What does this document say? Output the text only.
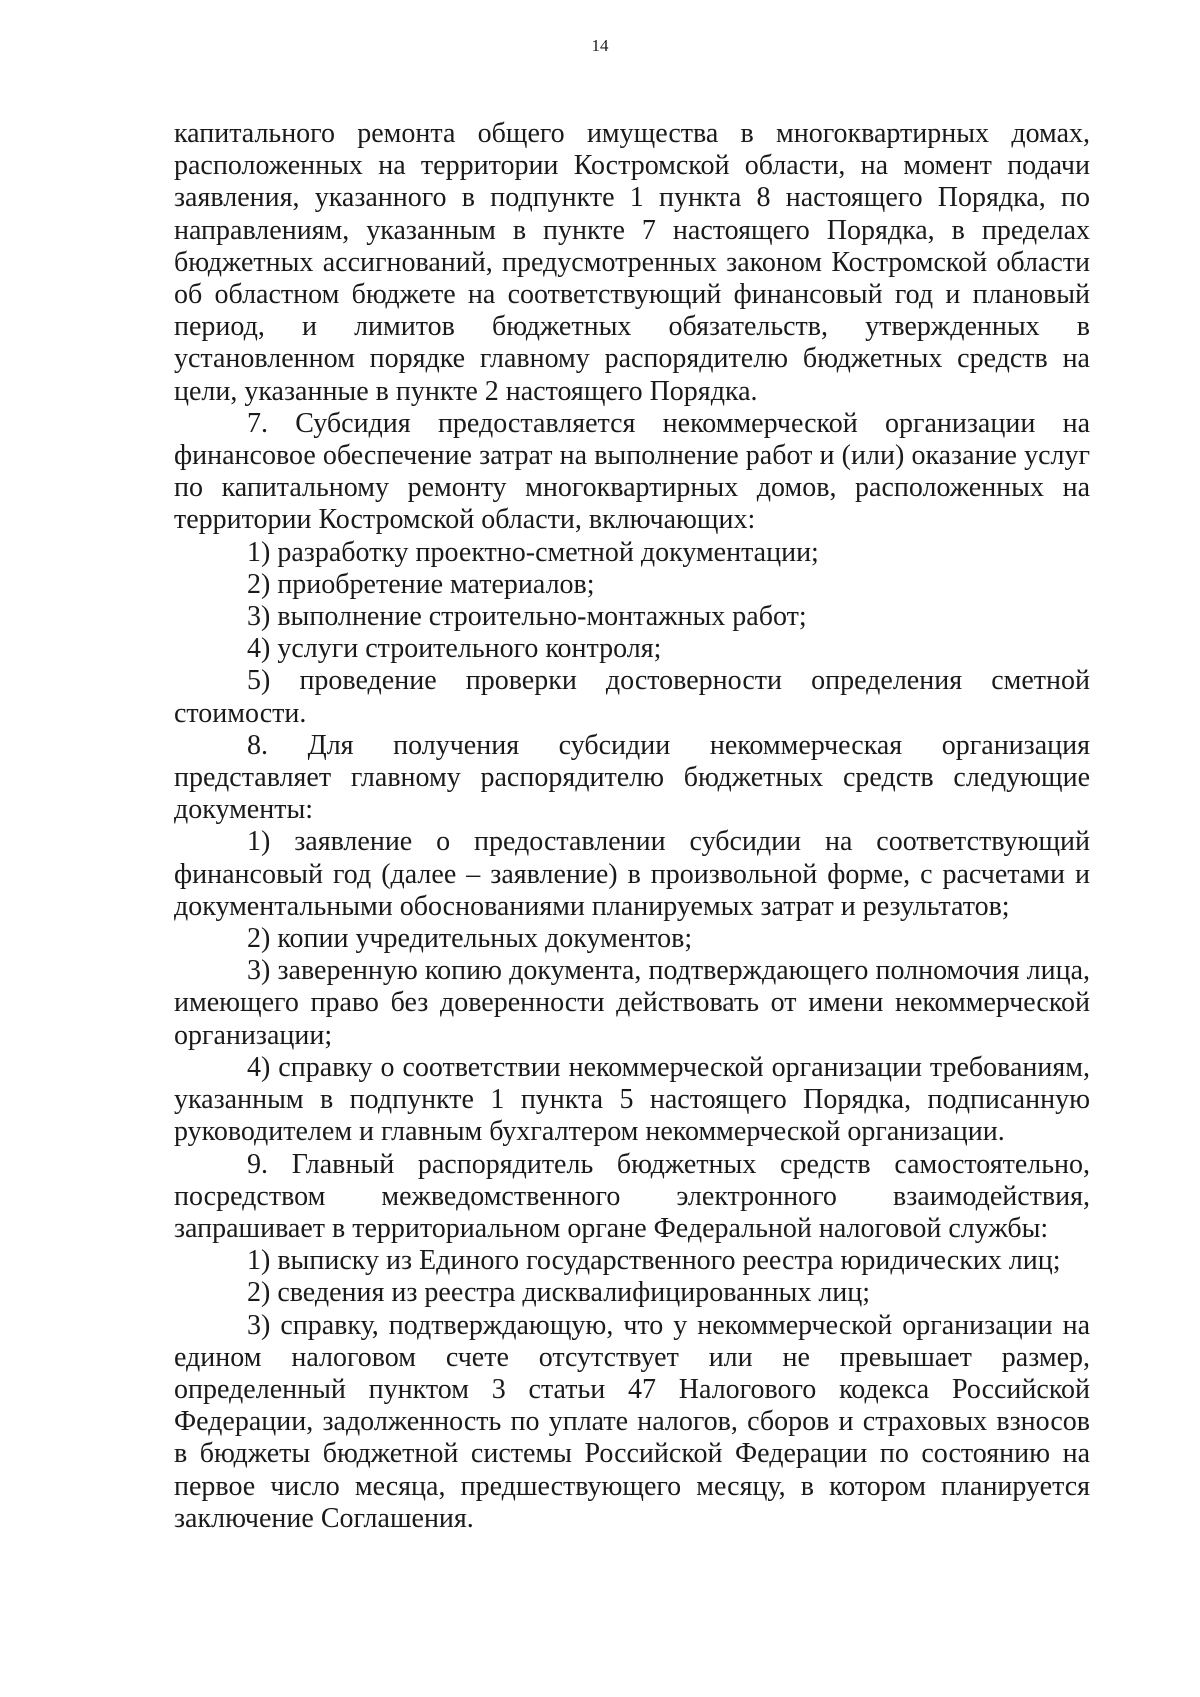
14

капитального ремонта общего имущества в многоквартирных домах, расположенных на территории Костромской области, на момент подачи заявления, указанного в подпункте 1 пункта 8 настоящего Порядка, по направлениям, указанным в пункте 7 настоящего Порядка, в пределах бюджетных ассигнований, предусмотренных законом Костромской области об областном бюджете на соответствующий финансовый год и плановый период, и лимитов бюджетных обязательств, утвержденных в установленном порядке главному распорядителю бюджетных средств на цели, указанные в пункте 2 настоящего Порядка.

7. Субсидия предоставляется некоммерческой организации на финансовое обеспечение затрат на выполнение работ и (или) оказание услуг по капитальному ремонту многоквартирных домов, расположенных на территории Костромской области, включающих:

1) разработку проектно-сметной документации;

2) приобретение материалов;

3) выполнение строительно-монтажных работ;

4) услуги строительного контроля;

5) проведение проверки достоверности определения сметной стоимости.

8. Для получения субсидии некоммерческая организация представляет главному распорядителю бюджетных средств следующие документы:

1) заявление о предоставлении субсидии на соответствующий финансовый год (далее – заявление) в произвольной форме, с расчетами и документальными обоснованиями планируемых затрат и результатов;

2) копии учредительных документов;

3) заверенную копию документа, подтверждающего полномочия лица, имеющего право без доверенности действовать от имени некоммерческой организации;

4) справку о соответствии некоммерческой организации требованиям, указанным в подпункте 1 пункта 5 настоящего Порядка, подписанную руководителем и главным бухгалтером некоммерческой организации.

9. Главный распорядитель бюджетных средств самостоятельно, посредством межведомственного электронного взаимодействия, запрашивает в территориальном органе Федеральной налоговой службы:

1) выписку из Единого государственного реестра юридических лиц;

2) сведения из реестра дисквалифицированных лиц;

3) справку, подтверждающую, что у некоммерческой организации на едином налоговом счете отсутствует или не превышает размер, определенный пунктом 3 статьи 47 Налогового кодекса Российской Федерации, задолженность по уплате налогов, сборов и страховых взносов в бюджеты бюджетной системы Российской Федерации по состоянию на первое число месяца, предшествующего месяцу, в котором планируется заключение Соглашения.
